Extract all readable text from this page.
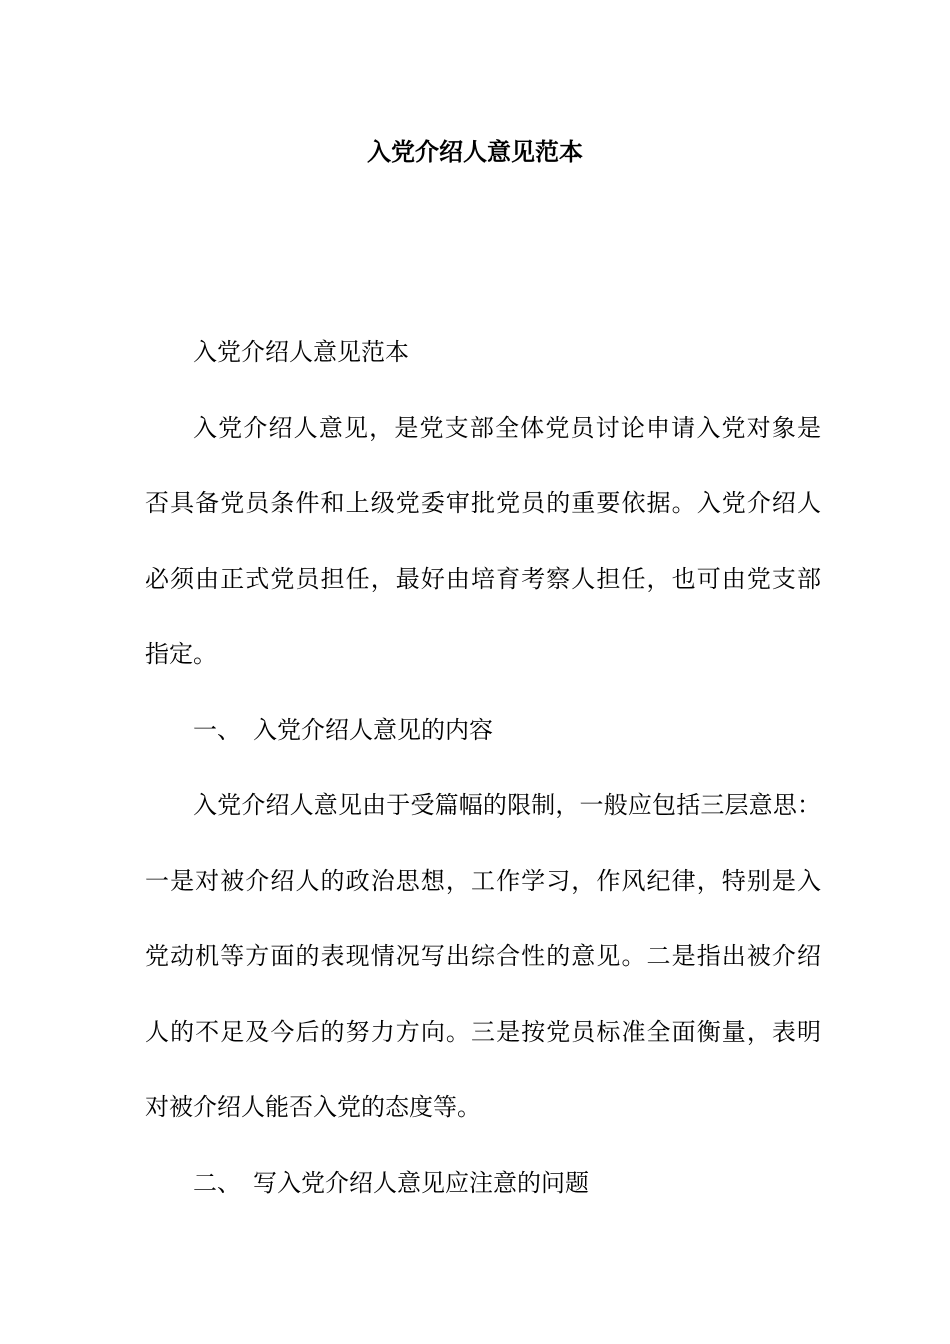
入党介绍人意见范本
入党介绍人意见范本
入党介绍人意见，是党支部全体党员讨论申请入党对象是
否具备党员条件和上级党委审批党员的重要依据。入党介绍人
必须由正式党员担任，最好由培育考察人担任，也可由党支部
指定。
一、 入党介绍人意见的内容
入党介绍人意见由于受篇幅的限制，一般应包括三层意思：
一是对被介绍人的政治思想，工作学习，作风纪律，特别是入
党动机等方面的表现情况写出综合性的意见。二是指出被介绍
人的不足及今后的努力方向。三是按党员标准全面衡量，表明
对被介绍人能否入党的态度等。
二、 写入党介绍人意见应注意的问题
